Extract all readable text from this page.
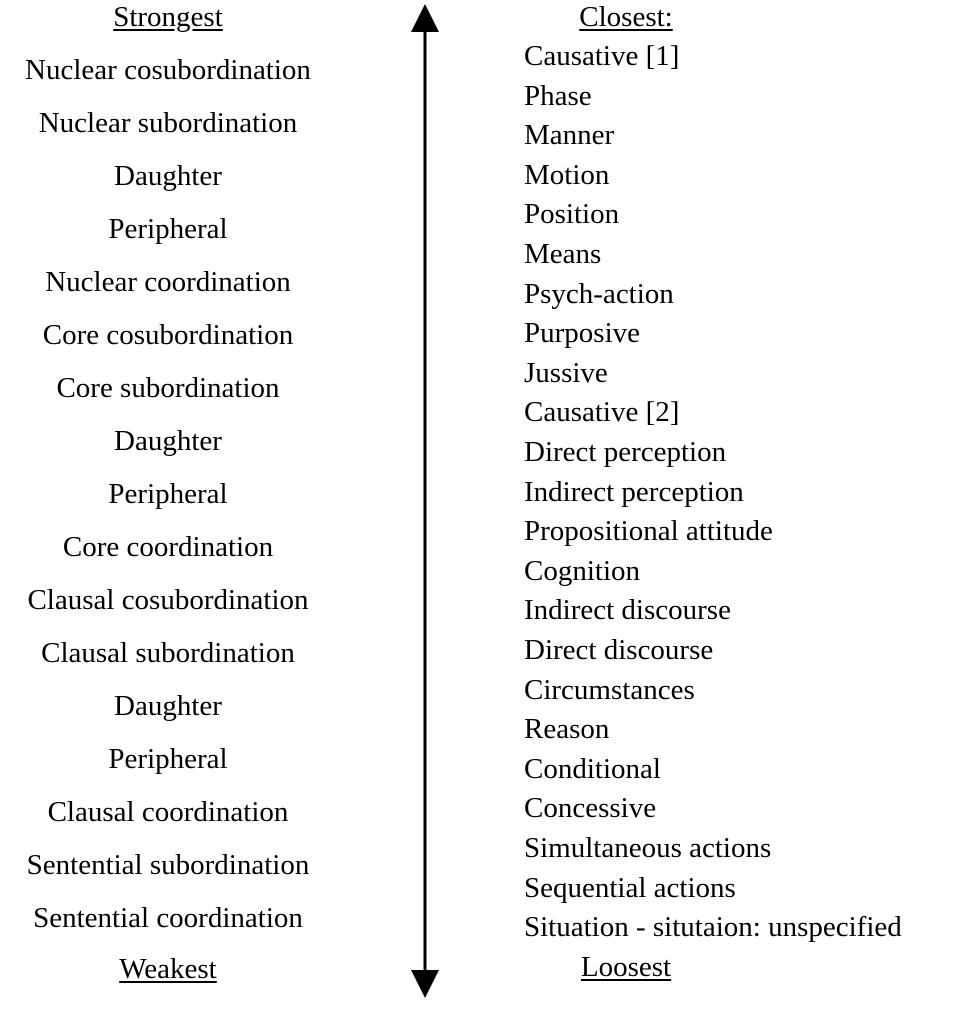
Strongest
Nuclear cosubordination
Nuclear subordination
Daughter
Peripheral
Nuclear coordination
Core cosubordination
Core subordination
Daughter
Peripheral
Core coordination
Clausal cosubordination
Clausal subordination
Daughter
Peripheral
Clausal coordination
Sentential subordination
Sentential coordination
Weakest
Closest:
Causative [1]
Phase
Manner
Motion
Position
Means
Psych-action
Purposive
Jussive
Causative [2]
Direct perception
Indirect perception
Propositional attitude
Cognition
Indirect discourse
Direct discourse
Circumstances
Reason
Conditional
Concessive
Simultaneous actions
Sequential actions
Situation - situtaion: unspecified
Loosest
